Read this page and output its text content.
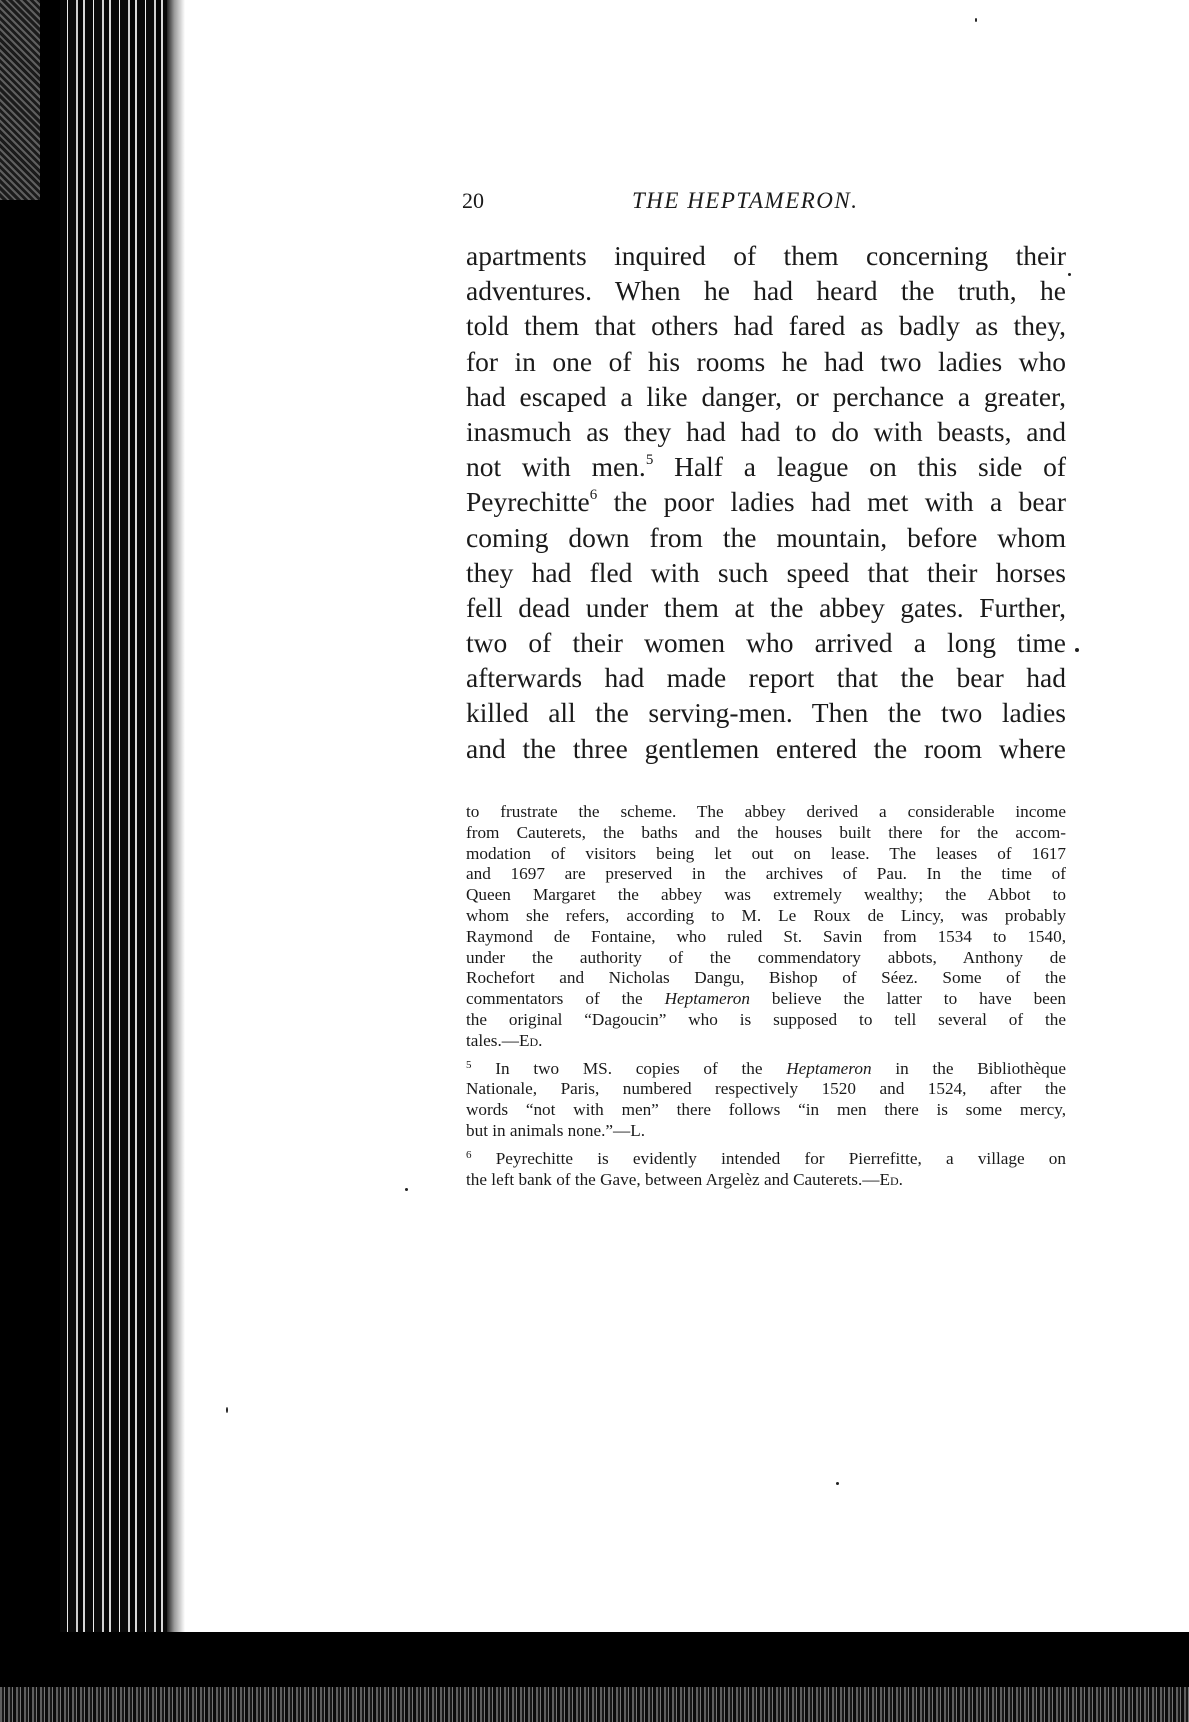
20	THE HEPTAMERON.
apartments inquired of them concerning their
adventures. When he had heard the truth, he
told them that others had fared as badly as they,
for in one of his rooms he had two ladies who
had escaped a like danger, or perchance a greater,
inasmuch as they had had to do with beasts, and
not with men.$^5$ Half a league on this side of
Peyrechitte$^6$ the poor ladies had met with a bear
coming down from the mountain, before whom
they had fled with such speed that their horses
fell dead under them at the abbey gates. Further,
two of their women who arrived a long time
afterwards had made report that the bear had
killed all the serving-men. Then the two ladies
and the three gentlemen entered the room where
to frustrate the scheme. The abbey derived a considerable income
from Cauterets, the baths and the houses built there for the accom-
modation of visitors being let out on lease. The leases of 1617
and 1697 are preserved in the archives of Pau. In the time of
Queen Margaret the abbey was extremely wealthy; the Abbot to
whom she refers, according to M. Le Roux de Lincy, was probably
Raymond de Fontaine, who ruled St. Savin from 1534 to 1540,
under the authority of the commendatory abbots, Anthony de
Rochefort and Nicholas Dangu, Bishop of Séez. Some of the
commentators of the Heptameron believe the latter to have been
the original “Dagoucin” who is supposed to tell several of the
tales.—Ed.
$^5$ In two MS. copies of the Heptameron in the Bibliothèque
Nationale, Paris, numbered respectively 1520 and 1524, after the
words “not with men” there follows “in men there is some mercy,
but in animals none.”—L.
$^6$ Peyrechitte is evidently intended for Pierrefitte, a village on
the left bank of the Gave, between Argelèz and Cauterets.—Ed.
